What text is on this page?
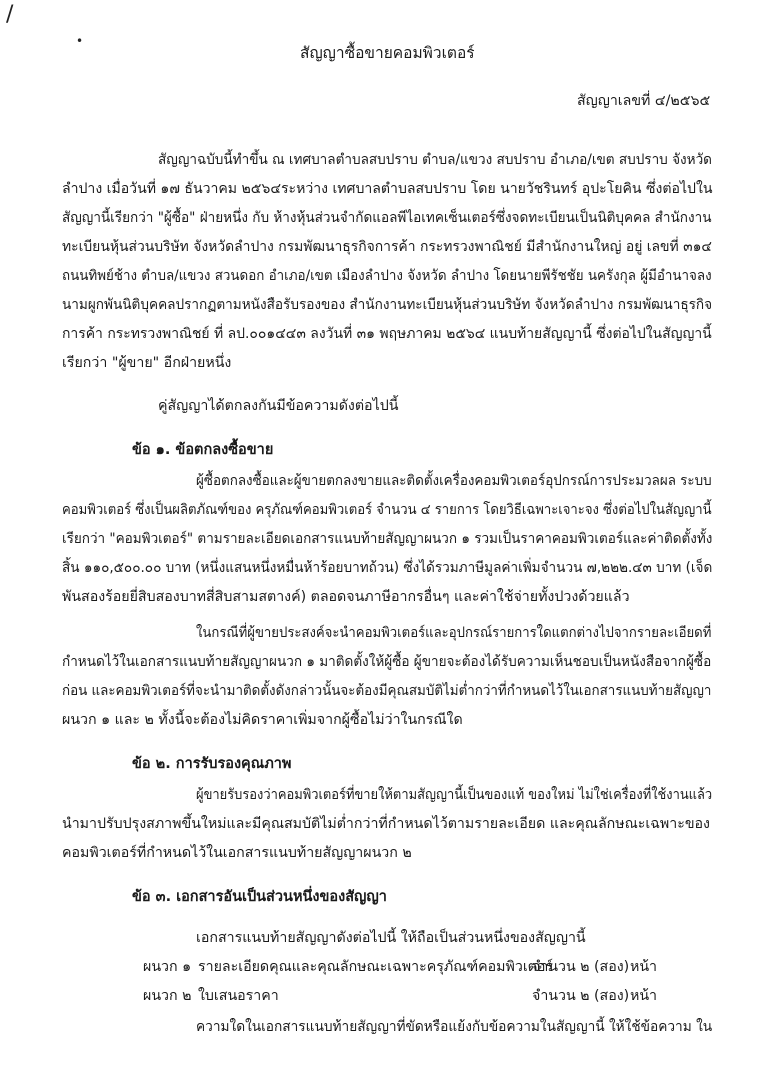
/
•
สัญญาซื้อขายคอมพิวเตอร์
สัญญาเลขที่ ๔/๒๕๖๕
สัญญาฉบับนี้ทำขึ้น ณ เทศบาลตำบลสบปราบ ตำบล/แขวง สบปราบ อำเภอ/เขต สบปราบ จังหวัด
ลำปาง เมื่อวันที่ ๑๗ ธันวาคม ๒๕๖๔ระหว่าง เทศบาลตำบลสบปราบ โดย นายวัชรินทร์ อุปะโยคิน ซึ่งต่อไปใน
สัญญานี้เรียกว่า "ผู้ซื้อ" ฝ่ายหนึ่ง กับ ห้างหุ้นส่วนจำกัดแอลพีไอเทคเซ็นเตอร์ซึ่งจดทะเบียนเป็นนิติบุคคล สำนักงาน
ทะเบียนหุ้นส่วนบริษัท จังหวัดลำปาง กรมพัฒนาธุรกิจการค้า กระทรวงพาณิชย์ มีสำนักงานใหญ่ อยู่ เลขที่ ๓๑๔
ถนนทิพย์ช้าง ตำบล/แขวง สวนดอก อำเภอ/เขต เมืองลำปาง จังหวัด ลำปาง โดยนายพีรัชชัย นครังกุล ผู้มีอำนาจลง
นามผูกพันนิติบุคคลปรากฏตามหนังสือรับรองของ สำนักงานทะเบียนหุ้นส่วนบริษัท จังหวัดลำปาง กรมพัฒนาธุรกิจ
การค้า กระทรวงพาณิชย์ ที่ ลป.๐๐๑๔๔๓ ลงวันที่ ๓๑ พฤษภาคม ๒๕๖๔ แนบท้ายสัญญานี้ ซึ่งต่อไปในสัญญานี้
เรียกว่า "ผู้ขาย" อีกฝ่ายหนึ่ง
คู่สัญญาได้ตกลงกันมีข้อความดังต่อไปนี้
ข้อ ๑. ข้อตกลงซื้อขาย
ผู้ซื้อตกลงซื้อและผู้ขายตกลงขายและติดตั้งเครื่องคอมพิวเตอร์อุปกรณ์การประมวลผล ระบบ
คอมพิวเตอร์ ซึ่งเป็นผลิตภัณฑ์ของ ครุภัณฑ์คอมพิวเตอร์ จำนวน ๔ รายการ โดยวิธีเฉพาะเจาะจง ซึ่งต่อไปในสัญญานี้
เรียกว่า "คอมพิวเตอร์" ตามรายละเอียดเอกสารแนบท้ายสัญญาผนวก ๑ รวมเป็นราคาคอมพิวเตอร์และค่าติดตั้งทั้ง
สิ้น ๑๑๐,๕๐๐.๐๐ บาท (หนึ่งแสนหนึ่งหมื่นห้าร้อยบาทถ้วน) ซึ่งได้รวมภาษีมูลค่าเพิ่มจำนวน ๗,๒๒๒.๔๓ บาท (เจ็ด
พันสองร้อยยี่สิบสองบาทสี่สิบสามสตางค์) ตลอดจนภาษีอากรอื่นๆ และค่าใช้จ่ายทั้งปวงด้วยแล้ว
ในกรณีที่ผู้ขายประสงค์จะนำคอมพิวเตอร์และอุปกรณ์รายการใดแตกต่างไปจากรายละเอียดที่
กำหนดไว้ในเอกสารแนบท้ายสัญญาผนวก ๑ มาติดตั้งให้ผู้ซื้อ ผู้ขายจะต้องได้รับความเห็นชอบเป็นหนังสือจากผู้ซื้อ
ก่อน และคอมพิวเตอร์ที่จะนำมาติดตั้งดังกล่าวนั้นจะต้องมีคุณสมบัติไม่ต่ำกว่าที่กำหนดไว้ในเอกสารแนบท้ายสัญญา
ผนวก ๑ และ ๒ ทั้งนี้จะต้องไม่คิดราคาเพิ่มจากผู้ซื้อไม่ว่าในกรณีใด
ข้อ ๒. การรับรองคุณภาพ
ผู้ขายรับรองว่าคอมพิวเตอร์ที่ขายให้ตามสัญญานี้เป็นของแท้ ของใหม่ ไม่ใช่เครื่องที่ใช้งานแล้ว
นำมาปรับปรุงสภาพขึ้นใหม่และมีคุณสมบัติไม่ต่ำกว่าที่กำหนดไว้ตามรายละเอียด และคุณลักษณะเฉพาะของ
คอมพิวเตอร์ที่กำหนดไว้ในเอกสารแนบท้ายสัญญาผนวก ๒
ข้อ ๓. เอกสารอันเป็นส่วนหนึ่งของสัญญา
เอกสารแนบท้ายสัญญาดังต่อไปนี้ ให้ถือเป็นส่วนหนึ่งของสัญญานี้
ผนวก ๑ รายละเอียดคุณและคุณลักษณะเฉพาะครุภัณฑ์คอมพิวเตอร์
จำนวน ๒ (สอง) หน้า
ผนวก ๒ ใบเสนอราคา	จำนวน ๒ (สอง) หน้า
ความใดในเอกสารแนบท้ายสัญญาที่ขัดหรือแย้งกับข้อความในสัญญานี้ ให้ใช้ข้อความ ใน
